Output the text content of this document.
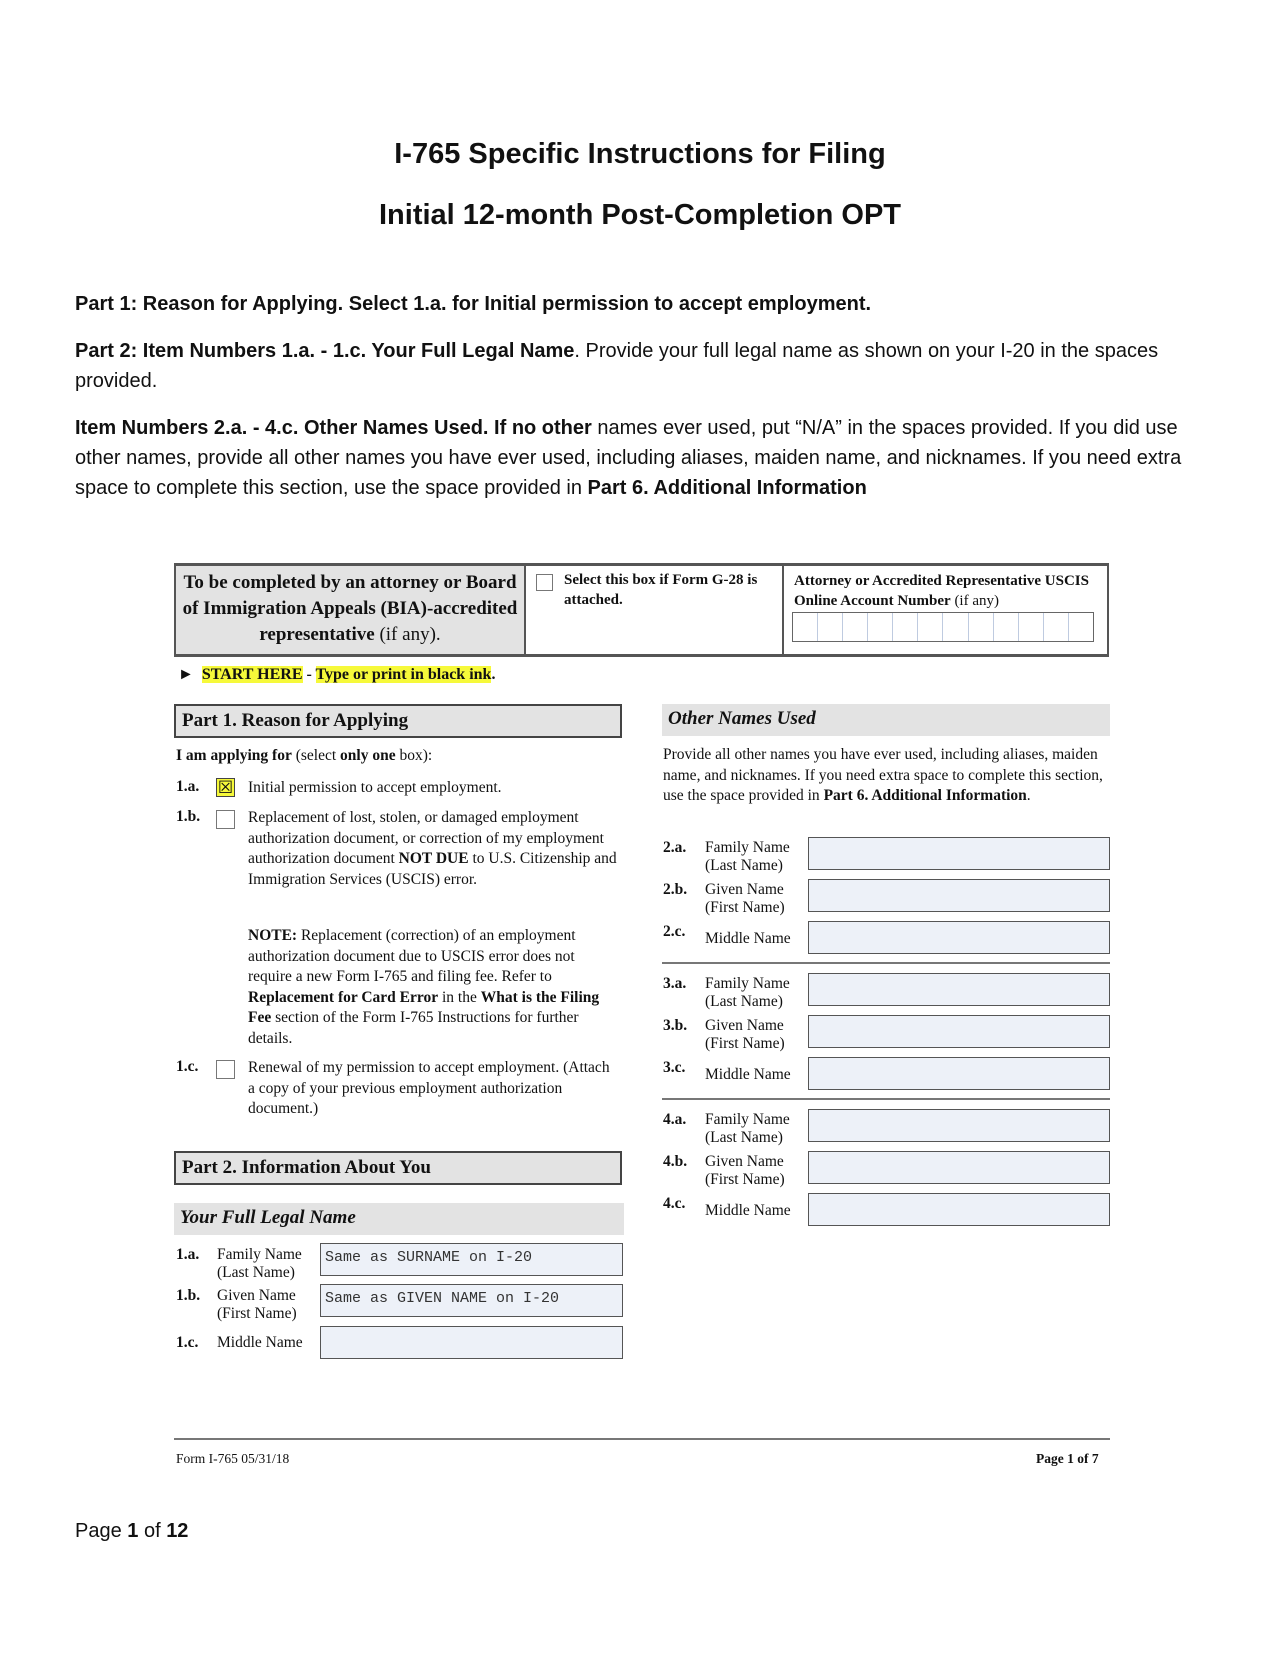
I-765 Specific Instructions for Filing
Initial 12-month Post-Completion OPT
Part 1: Reason for Applying. Select 1.a. for Initial permission to accept employment.
Part 2: Item Numbers 1.a. - 1.c. Your Full Legal Name. Provide your full legal name as shown on your I-20 in the spaces provided.
Item Numbers 2.a. - 4.c. Other Names Used. If no other names ever used, put “N/A” in the spaces provided. If you did use other names, provide all other names you have ever used, including aliases, maiden name, and nicknames. If you need extra space to complete this section, use the space provided in Part 6. Additional Information
To be completed by an attorney or Board of Immigration Appeals (BIA)-accredited representative (if any).
Select this box if Form G-28 is attached.
Attorney or Accredited Representative USCIS Online Account Number (if any)
► START HERE - Type or print in black ink.
Part 1. Reason for Applying
I am applying for (select only one box):
1.a. ☒ Initial permission to accept employment.
1.b.	Replacement of lost, stolen, or damaged employment authorization document, or correction of my employment authorization document NOT DUE to U.S. Citizenship and Immigration Services (USCIS) error.
NOTE: Replacement (correction) of an employment authorization document due to USCIS error does not require a new Form I-765 and filing fee. Refer to Replacement for Card Error in the What is the Filing Fee section of the Form I-765 Instructions for further details.
1.c.	Renewal of my permission to accept employment. (Attach a copy of your previous employment authorization document.)
Part 2. Information About You
Your Full Legal Name
1.a. Family Name (Last Name)
Same as SURNAME on I-20
1.b. Given Name (First Name)
Same as GIVEN NAME on I-20
1.c. Middle Name
Other Names Used
Provide all other names you have ever used, including aliases, maiden name, and nicknames. If you need extra space to complete this section, use the space provided in Part 6. Additional Information.
2.a. Family Name (Last Name)
2.b. Given Name (First Name)
2.c. Middle Name
3.a. Family Name (Last Name)
3.b. Given Name (First Name)
3.c. Middle Name
4.a. Family Name (Last Name)
4.b. Given Name (First Name)
4.c. Middle Name
Form I-765 05/31/18	Page 1 of 7
Page 1 of 12
